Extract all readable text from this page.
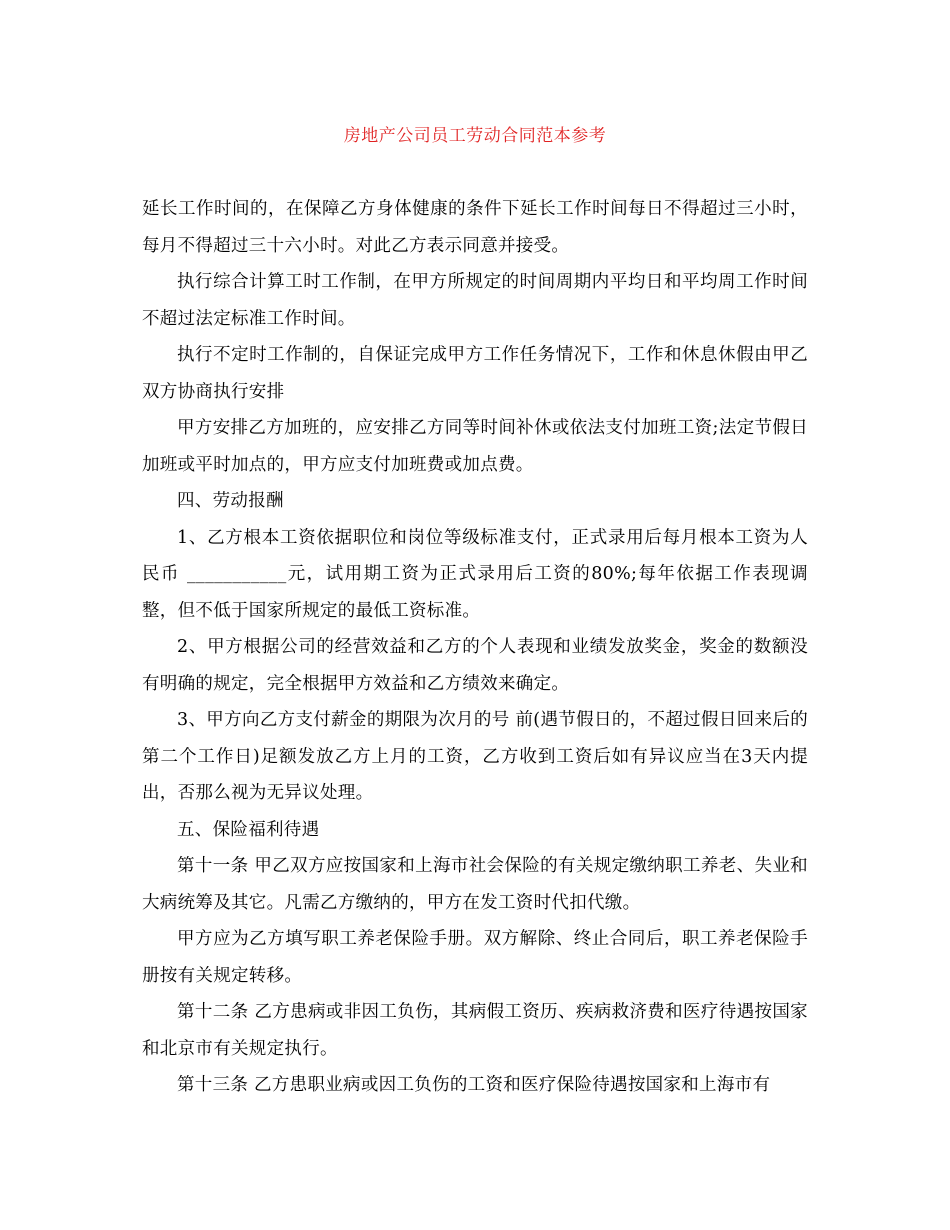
房地产公司员工劳动合同范本参考

延长工作时间的，在保障乙方身体健康的条件下延长工作时间每日不得超过三小时，每月不得超过三十六小时。对此乙方表示同意并接受。

执行综合计算工时工作制，在甲方所规定的时间周期内平均日和平均周工作时间不超过法定标准工作时间。

执行不定时工作制的，自保证完成甲方工作任务情况下，工作和休息休假由甲乙双方协商执行安排

甲方安排乙方加班的，应安排乙方同等时间补休或依法支付加班工资;法定节假日加班或平时加点的，甲方应支付加班费或加点费。

四、劳动报酬

1、乙方根本工资依据职位和岗位等级标准支付，正式录用后每月根本工资为人民币 ___________元，试用期工资为正式录用后工资的80%;每年依据工作表现调整，但不低于国家所规定的最低工资标准。

2、甲方根据公司的经营效益和乙方的个人表现和业绩发放奖金，奖金的数额没有明确的规定，完全根据甲方效益和乙方绩效来确定。

3、甲方向乙方支付薪金的期限为次月的号 前(遇节假日的，不超过假日回来后的第二个工作日)足额发放乙方上月的工资，乙方收到工资后如有异议应当在3天内提出，否那么视为无异议处理。

五、保险福利待遇

第十一条 甲乙双方应按国家和上海市社会保险的有关规定缴纳职工养老、失业和大病统筹及其它。凡需乙方缴纳的，甲方在发工资时代扣代缴。

甲方应为乙方填写职工养老保险手册。双方解除、终止合同后，职工养老保险手册按有关规定转移。

第十二条 乙方患病或非因工负伤，其病假工资历、疾病救济费和医疗待遇按国家和北京市有关规定执行。

第十三条 乙方患职业病或因工负伤的工资和医疗保险待遇按国家和上海市有
